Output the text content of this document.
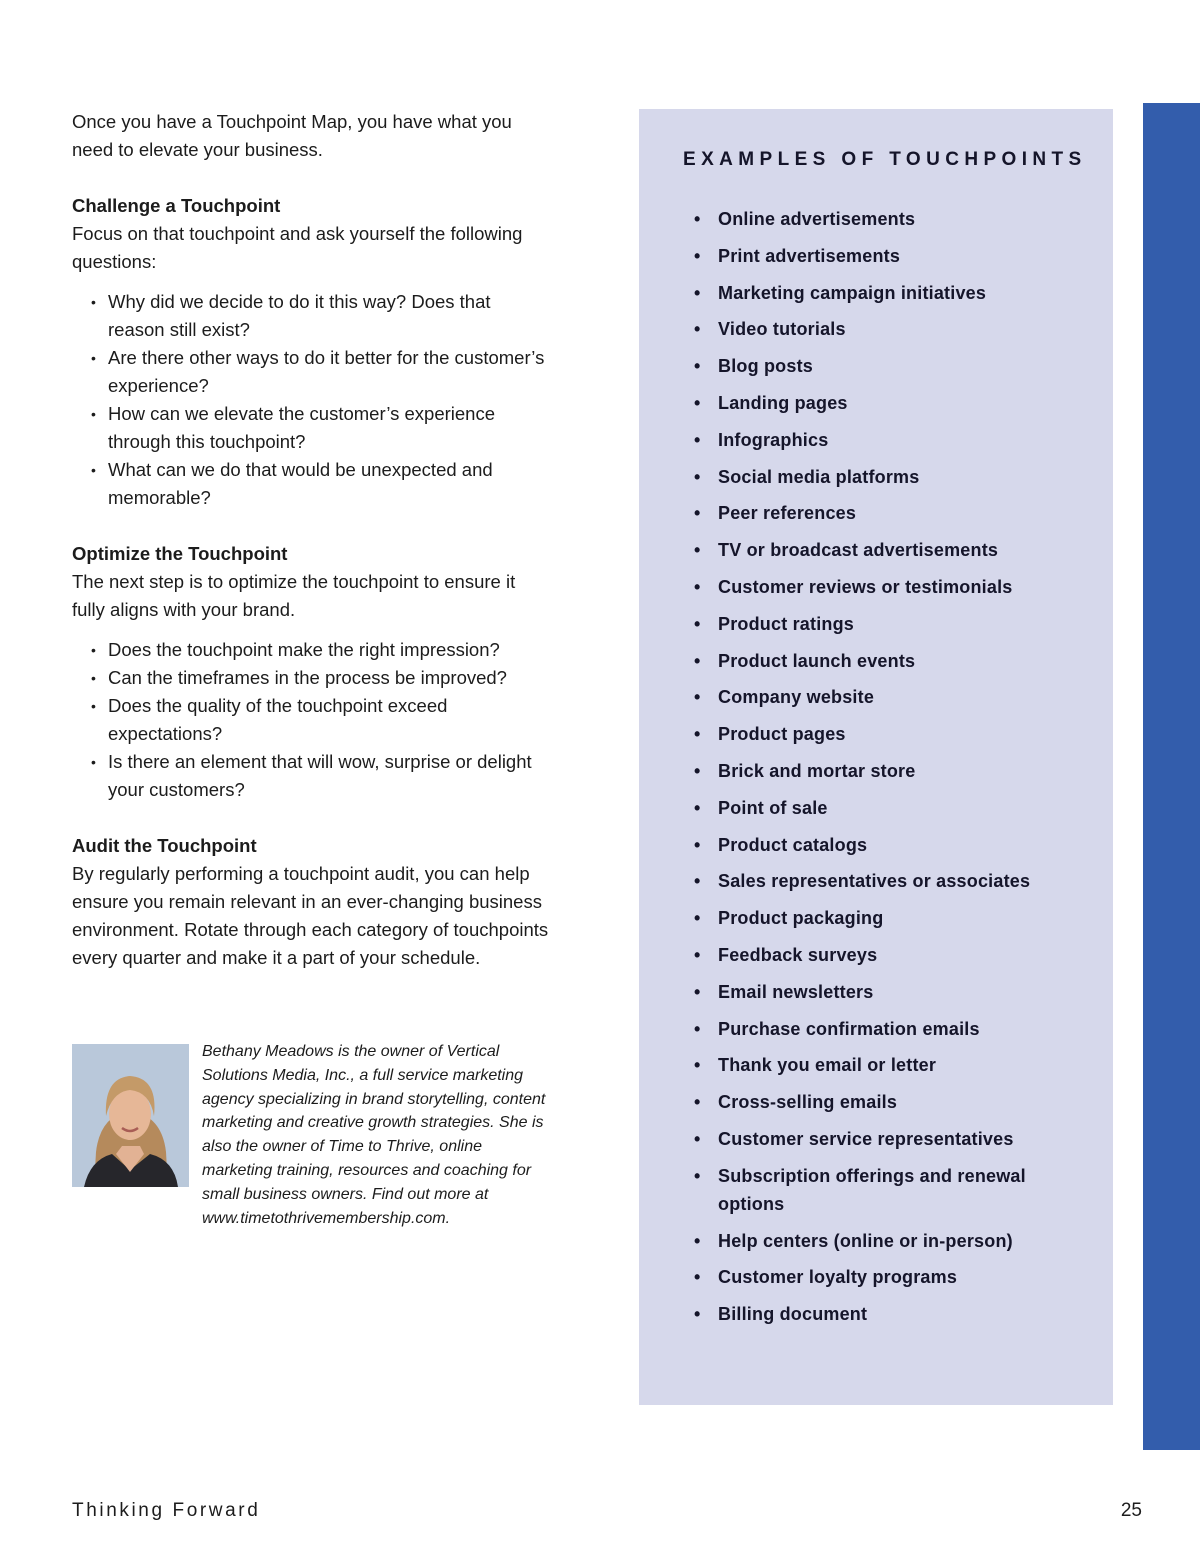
Once you have a Touchpoint Map, you have what you need to elevate your business.

Challenge a Touchpoint

Focus on that touchpoint and ask yourself the following questions:

• Why did we decide to do it this way? Does that reason still exist?
• Are there other ways to do it better for the customer’s experience?
• How can we elevate the customer’s experience through this touchpoint?
• What can we do that would be unexpected and memorable?

Optimize the Touchpoint

The next step is to optimize the touchpoint to ensure it fully aligns with your brand.

• Does the touchpoint make the right impression?
• Can the timeframes in the process be improved?
• Does the quality of the touchpoint exceed expectations?
• Is there an element that will wow, surprise or delight your customers?

Audit the Touchpoint

By regularly performing a touchpoint audit, you can help ensure you remain relevant in an ever-changing business environment. Rotate through each category of touchpoints every quarter and make it a part of your schedule.

Bethany Meadows is the owner of Vertical Solutions Media, Inc., a full service marketing agency specializing in brand storytelling, content marketing and creative growth strategies. She is also the owner of Time to Thrive, online marketing training, resources and coaching for small business owners. Find out more at www.timetothrivemembership.com.

EXAMPLES OF TOUCHPOINTS

• Online advertisements
• Print advertisements
• Marketing campaign initiatives
• Video tutorials
• Blog posts
• Landing pages
• Infographics
• Social media platforms
• Peer references
• TV or broadcast advertisements
• Customer reviews or testimonials
• Product ratings
• Product launch events
• Company website
• Product pages
• Brick and mortar store
• Point of sale
• Product catalogs
• Sales representatives or associates
• Product packaging
• Feedback surveys
• Email newsletters
• Purchase confirmation emails
• Thank you email or letter
• Cross-selling emails
• Customer service representatives
• Subscription offerings and renewal options
• Help centers (online or in-person)
• Customer loyalty programs
• Billing document

Thinking Forward	25
